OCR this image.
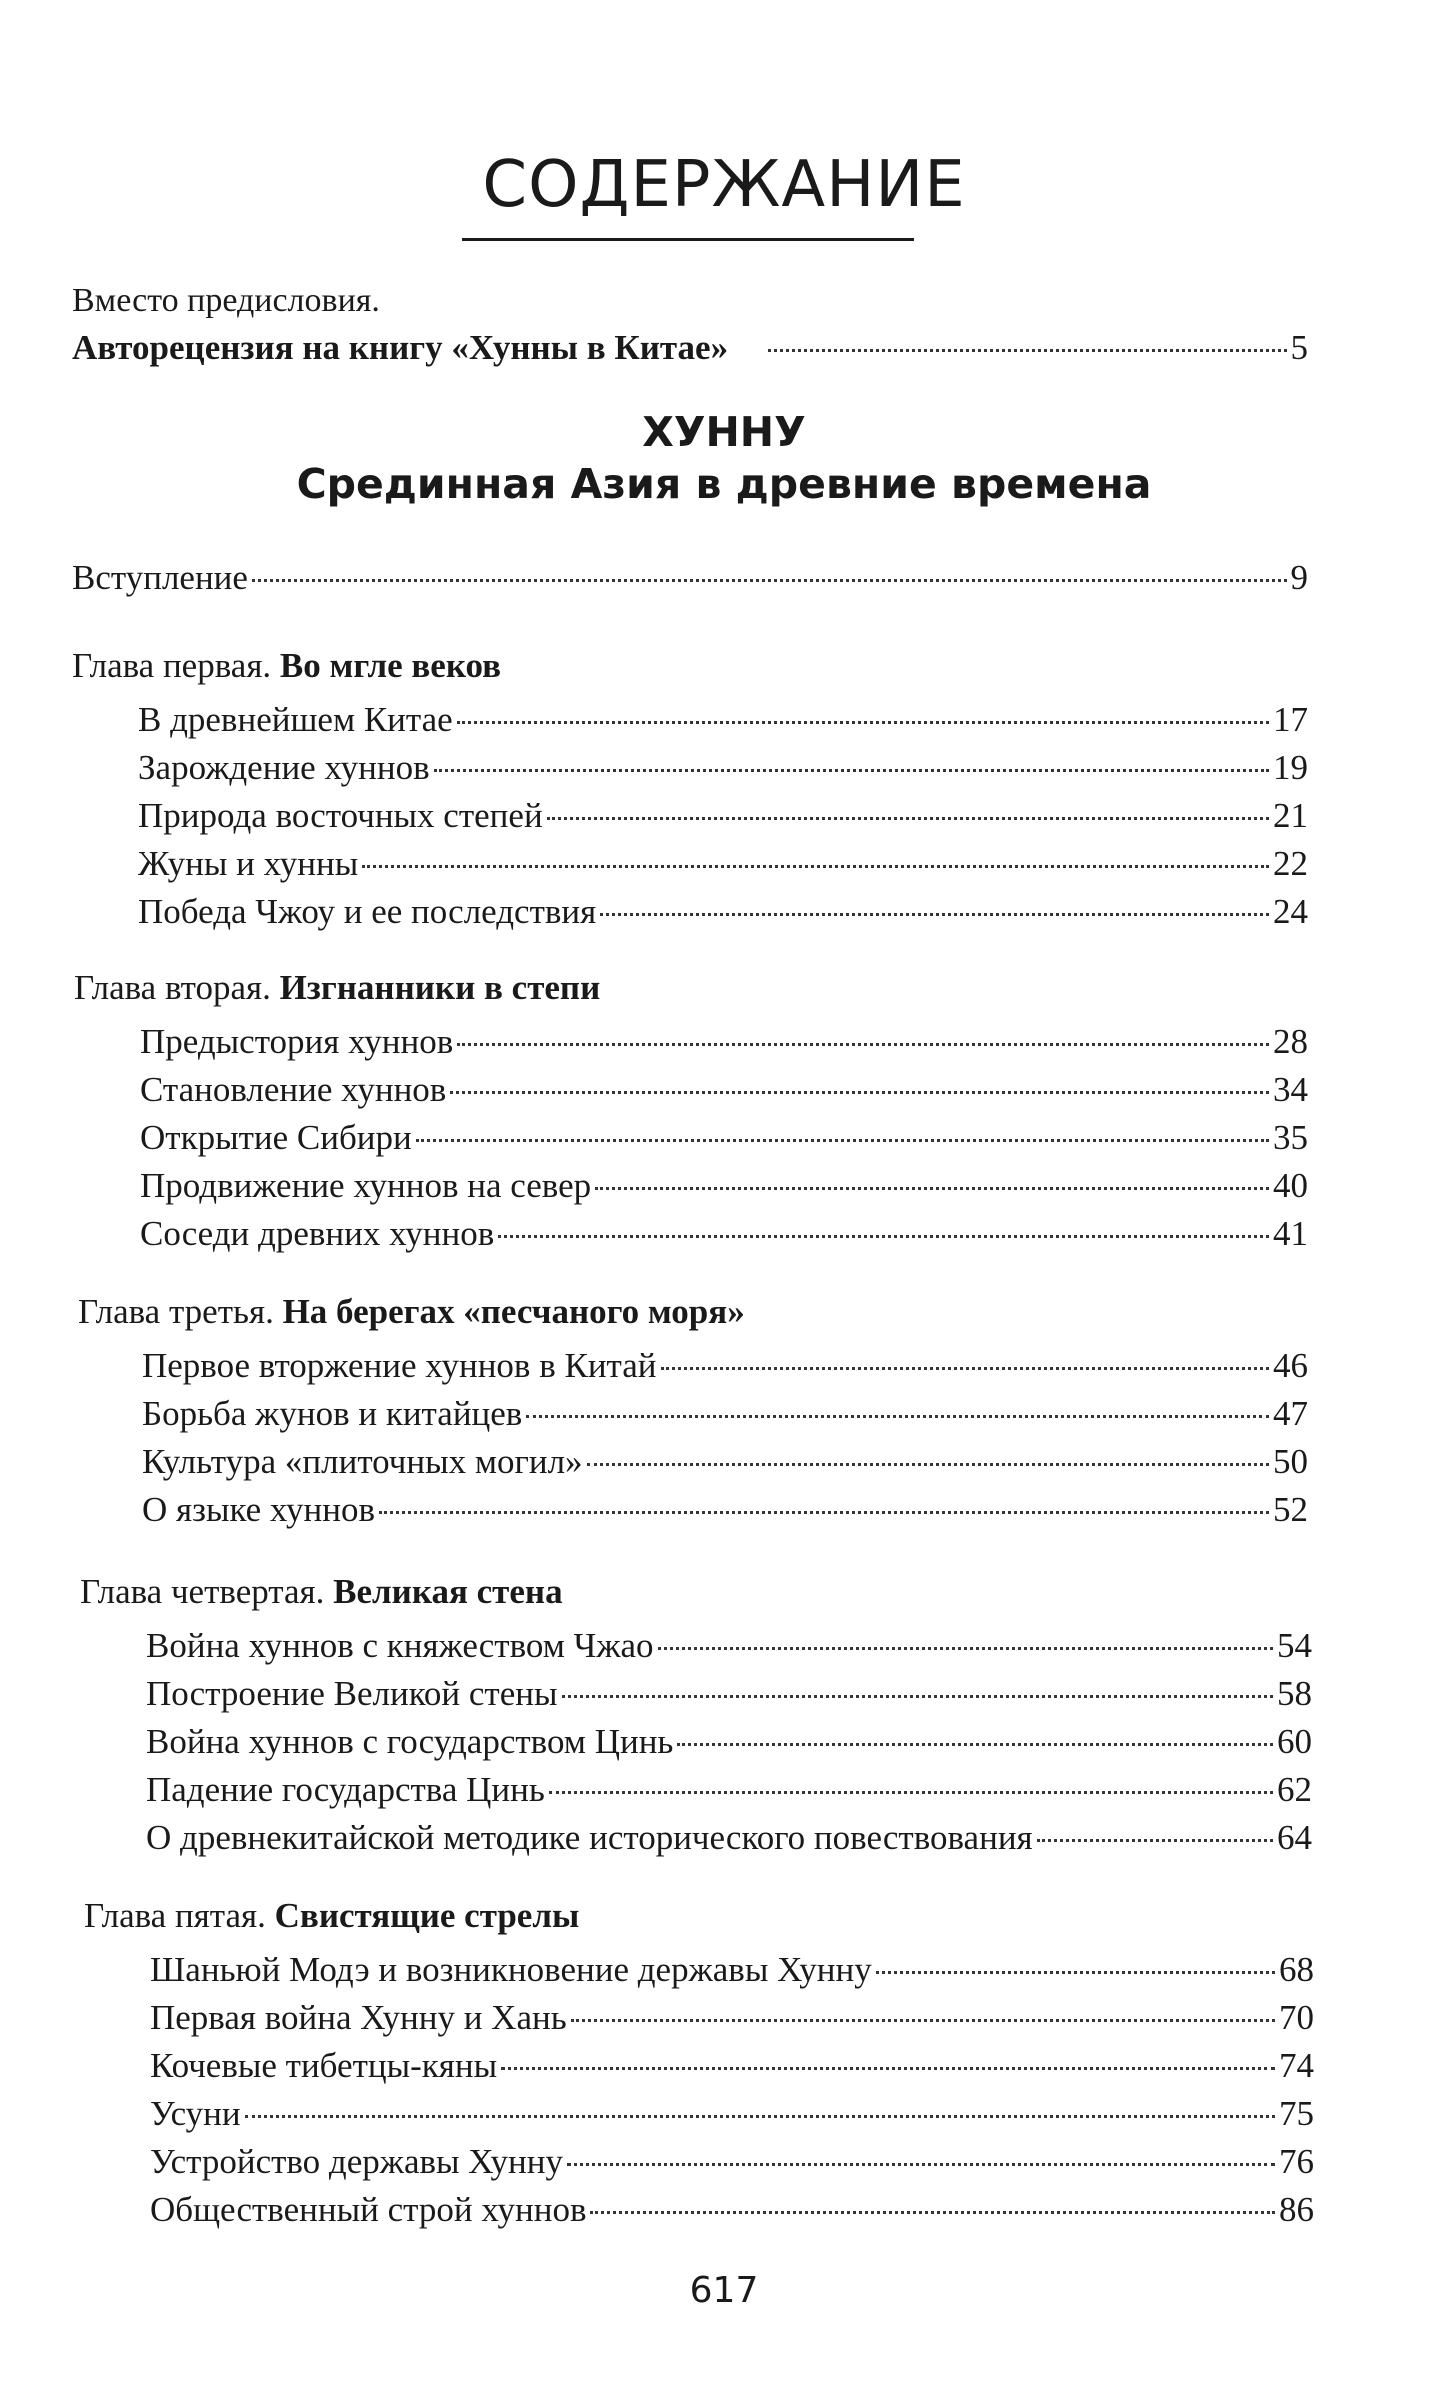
СОДЕРЖАНИЕ
Вместо предисловия.
Авторецензия на книгу «Хунны в Китае»	5
ХУННУ
Срединная Азия в древние времена
Вступление	9
Глава первая. Во мгле веков
В древнейшем Китае	17
Зарождение хуннов	19
Природа восточных степей	21
Жуны и хунны	22
Победа Чжоу и ее последствия	24
Глава вторая. Изгнанники в степи
Предыстория хуннов	28
Становление хуннов	34
Открытие Сибири	35
Продвижение хуннов на север	40
Соседи древних хуннов	41
Глава третья. На берегах «песчаного моря»
Первое вторжение хуннов в Китай	46
Борьба жунов и китайцев	47
Культура «плиточных могил»	50
О языке хуннов	52
Глава четвертая. Великая стена
Война хуннов с княжеством Чжао	54
Построение Великой стены	58
Война хуннов с государством Цинь	60
Падение государства Цинь	62
О древнекитайской методике исторического повествования	64
Глава пятая. Свистящие стрелы
Шаньюй Модэ и возникновение державы Хунну	68
Первая война Хунну и Хань	70
Кочевые тибетцы-кяны	74
Усуни	75
Устройство державы Хунну	76
Общественный строй хуннов	86
617
